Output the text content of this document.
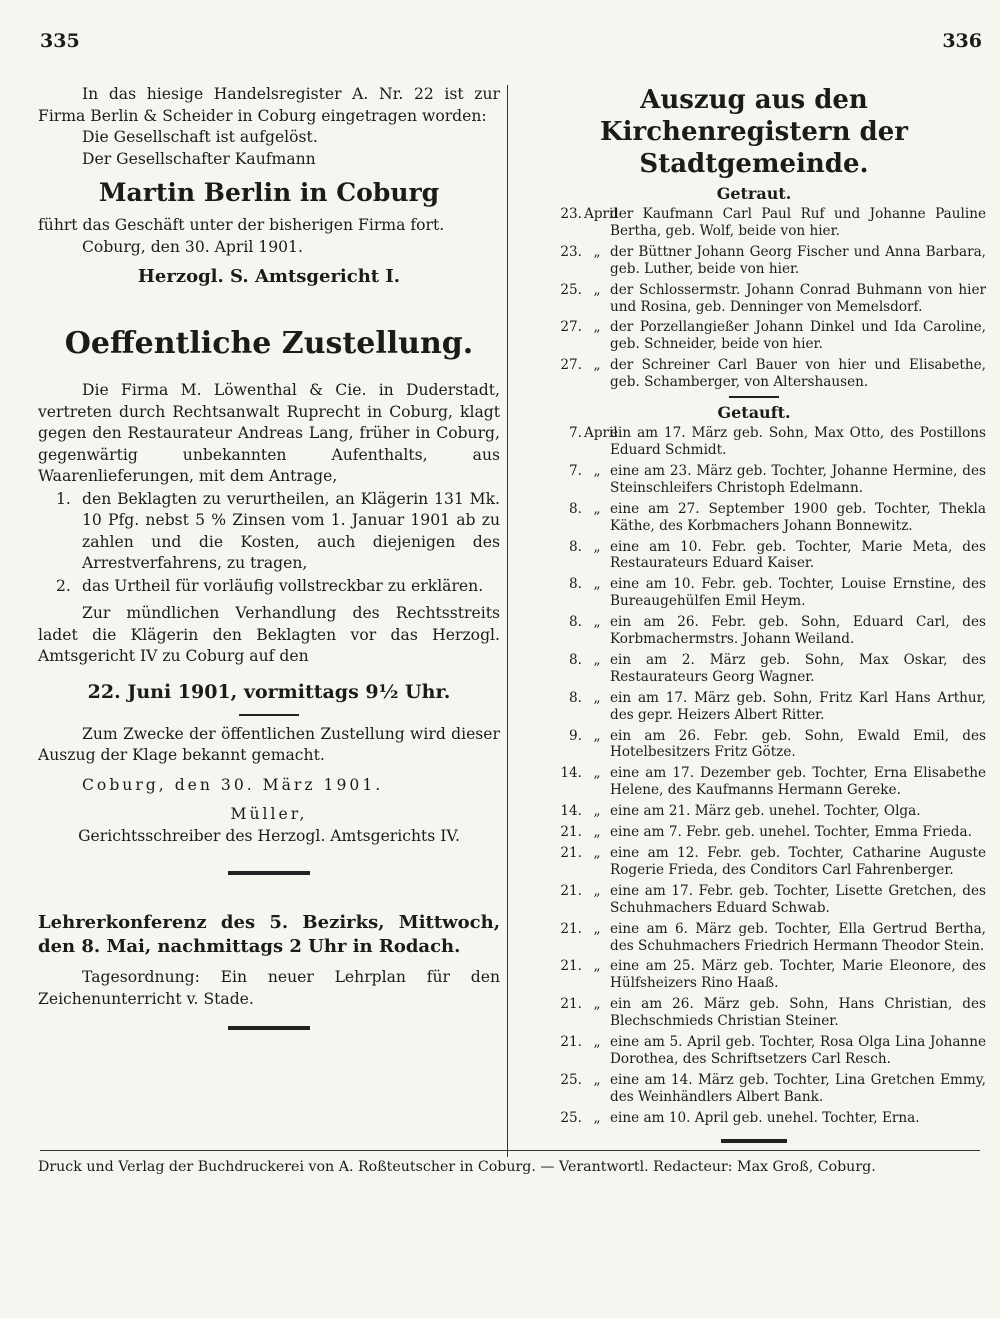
335	336

In das hiesige Handelsregister A. Nr. 22 ist zur Firma Berlin & Scheider in Coburg eingetragen worden:

Die Gesellschaft ist aufgelöst.

Der Gesellschafter Kaufmann

Martin Berlin in Coburg

führt das Geschäft unter der bisherigen Firma fort.

Coburg, den 30. April 1901.

Herzogl. S. Amtsgericht I.

Oeffentliche Zustellung.

Die Firma M. Löwenthal & Cie. in Duderstadt, vertreten durch Rechtsanwalt Ruprecht in Coburg, klagt gegen den Restaurateur Andreas Lang, früher in Coburg, gegenwärtig unbekannten Aufenthalts, aus Waarenlieferungen, mit dem Antrage,

1. den Beklagten zu verurtheilen, an Klägerin 131 Mk. 10 Pfg. nebst 5 % Zinsen vom 1. Januar 1901 ab zu zahlen und die Kosten, auch diejenigen des Arrestverfahrens, zu tragen,
2. das Urtheil für vorläufig vollstreckbar zu erklären.

Zur mündlichen Verhandlung des Rechtsstreits ladet die Klägerin den Beklagten vor das Herzogl. Amtsgericht IV zu Coburg auf den

22. Juni 1901, vormittags 9½ Uhr.

Zum Zwecke der öffentlichen Zustellung wird dieser Auszug der Klage bekannt gemacht.

Coburg, den 30. März 1901.

Müller,

Gerichtsschreiber des Herzogl. Amtsgerichts IV.

Lehrerkonferenz des 5. Bezirks, Mittwoch, den 8. Mai, nachmittags 2 Uhr in Rodach.

Tagesordnung: Ein neuer Lehrplan für den Zeichenunterricht v. Stade.

Auszug aus den Kirchenregistern der Stadtgemeinde.

Getraut.

23. April
der Kaufmann Carl Paul Ruf und Johanne Pauline Bertha, geb. Wolf, beide von hier.
23. „ der Büttner Johann Georg Fischer und Anna Barbara, geb. Luther, beide von hier.
25. „ der Schlossermstr. Johann Conrad Buhmann von hier und Rosina, geb. Denninger von Memelsdorf.
27. „ der Porzellangießer Johann Dinkel und Ida Caroline, geb. Schneider, beide von hier.
27. „ der Schreiner Carl Bauer von hier und Elisabethe, geb. Schamberger, von Altershausen.

Getauft.

7. April
ein am 17. März geb. Sohn, Max Otto, des Postillons Eduard Schmidt.
7. „ eine am 23. März geb. Tochter, Johanne Hermine, des Steinschleifers Christoph Edelmann.
8. „ eine am 27. September 1900 geb. Tochter, Thekla Käthe, des Korbmachers Johann Bonnewitz.
8. „ eine am 10. Febr. geb. Tochter, Marie Meta, des Restaurateurs Eduard Kaiser.
8. „ eine am 10. Febr. geb. Tochter, Louise Ernstine, des Bureaugehülfen Emil Heym.
8. „ ein am 26. Febr. geb. Sohn, Eduard Carl, des Korbmachermstrs. Johann Weiland.
8. „ ein am 2. März geb. Sohn, Max Oskar, des Restaurateurs Georg Wagner.
8. „ ein am 17. März geb. Sohn, Fritz Karl Hans Arthur, des gepr. Heizers Albert Ritter.
9. „ ein am 26. Febr. geb. Sohn, Ewald Emil, des Hotelbesitzers Fritz Götze.
14. „ eine am 17. Dezember geb. Tochter, Erna Elisabethe Helene, des Kaufmanns Hermann Gereke.
14. „ eine am 21. März geb. unehel. Tochter, Olga.
21. „ eine am 7. Febr. geb. unehel. Tochter, Emma Frieda.
21. „ eine am 12. Febr. geb. Tochter, Catharine Auguste Rogerie Frieda, des Conditors Carl Fahrenberger.
21. „ eine am 17. Febr. geb. Tochter, Lisette Gretchen, des Schuhmachers Eduard Schwab.
21. „ eine am 6. März geb. Tochter, Ella Gertrud Bertha, des Schuhmachers Friedrich Hermann Theodor Stein.
21. „ eine am 25. März geb. Tochter, Marie Eleonore, des Hülfsheizers Rino Haaß.
21. „ ein am 26. März geb. Sohn, Hans Christian, des Blechschmieds Christian Steiner.
21. „ eine am 5. April geb. Tochter, Rosa Olga Lina Johanne Dorothea, des Schriftsetzers Carl Resch.
25. „ eine am 14. März geb. Tochter, Lina Gretchen Emmy, des Weinhändlers Albert Bank.
25. „ eine am 10. April geb. unehel. Tochter, Erna.
Druck und Verlag der Buchdruckerei von A. Roßteutscher in Coburg. — Verantwortl. Redacteur: Max Groß, Coburg.
